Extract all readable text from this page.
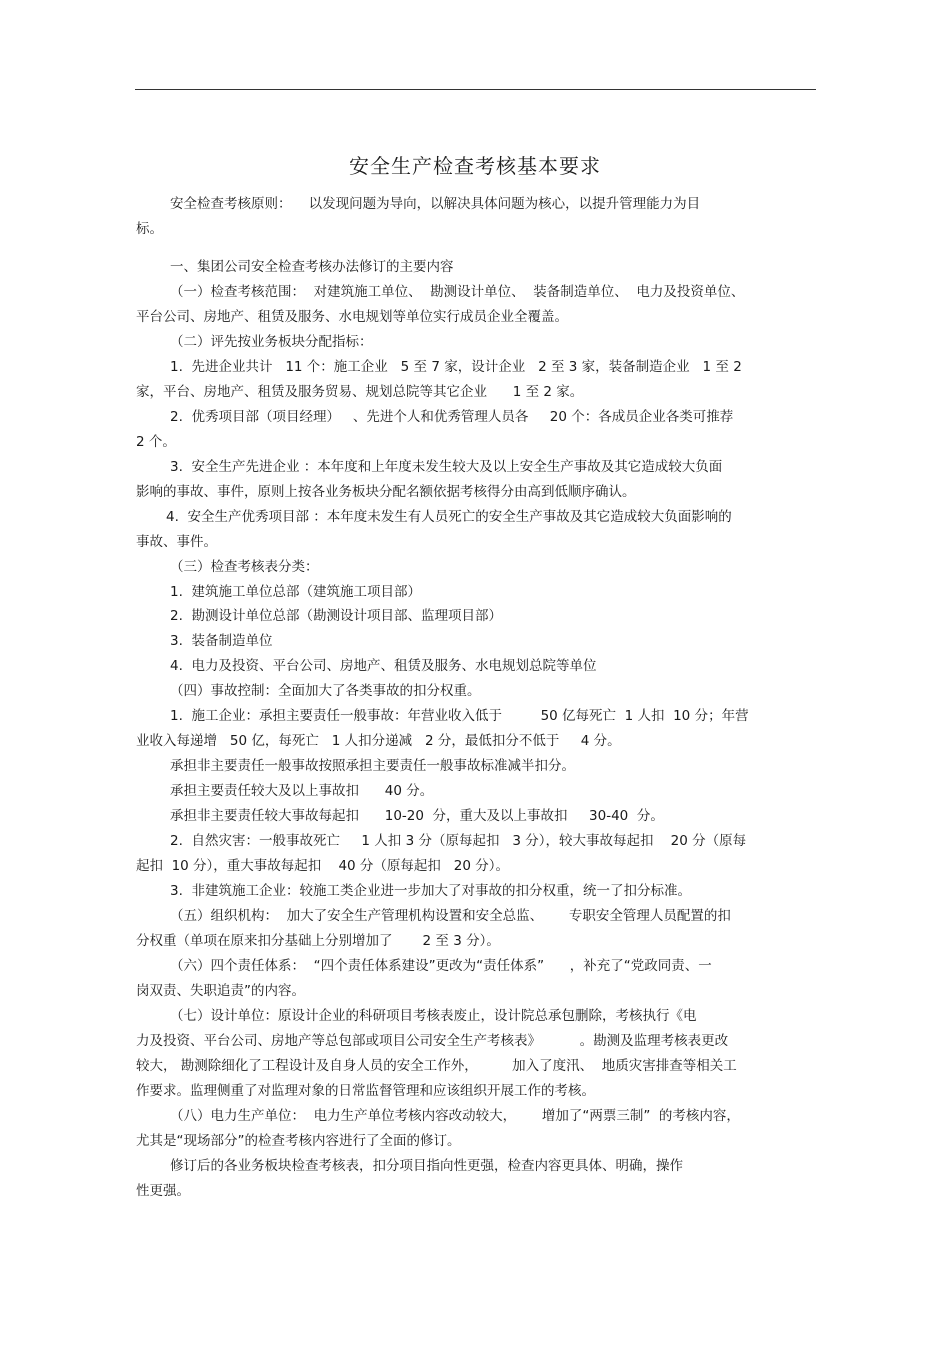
安全生产检查考核基本要求
安全检查考核原则：    以发现问题为导向，以解决具体问题为核心，以提升管理能力为目
标。
一、集团公司安全检查考核办法修订的主要内容
（一）检查考核范围：  对建筑施工单位、  勘测设计单位、  装备制造单位、  电力及投资单位、
平台公司、房地产、租赁及服务、水电规划等单位实行成员企业全覆盖。
（二）评先按业务板块分配指标：
1.  先进企业共计   11 个：施工企业   5 至 7 家，设计企业   2 至 3 家，装备制造企业   1 至 2
家，平台、房地产、租赁及服务贸易、规划总院等其它企业      1 至 2 家。
2.  优秀项目部（项目经理）   、先进个人和优秀管理人员各     20 个：各成员企业各类可推荐
2 个。
3.  安全生产先进企业 ：本年度和上年度未发生较大及以上安全生产事故及其它造成较大负面
影响的事故、事件，原则上按各业务板块分配名额依据考核得分由高到低顺序确认。
4.  安全生产优秀项目部 ：本年度未发生有人员死亡的安全生产事故及其它造成较大负面影响的
事故、事件。
（三）检查考核表分类：
1.  建筑施工单位总部（建筑施工项目部）
2.  勘测设计单位总部（勘测设计项目部、监理项目部）
3.  装备制造单位
4.  电力及投资、平台公司、房地产、租赁及服务、水电规划总院等单位
（四）事故控制：全面加大了各类事故的扣分权重。
1.  施工企业：承担主要责任一般事故：年营业收入低于         50 亿每死亡  1 人扣  10 分；年营
业收入每递增   50 亿，每死亡   1 人扣分递减   2 分，最低扣分不低于     4 分。
承担非主要责任一般事故按照承担主要责任一般事故标准减半扣分。
承担主要责任较大及以上事故扣      40 分。
承担非主要责任较大事故每起扣      10-20  分，重大及以上事故扣     30-40  分。
2.  自然灾害：一般事故死亡     1 人扣 3 分（原每起扣   3 分），较大事故每起扣    20 分（原每
起扣  10 分），重大事故每起扣    40 分（原每起扣   20 分）。
3.  非建筑施工企业：较施工类企业进一步加大了对事故的扣分权重，统一了扣分标准。
（五）组织机构：  加大了安全生产管理机构设置和安全总监、      专职安全管理人员配置的扣
分权重（单项在原来扣分基础上分别增加了       2 至 3 分）。
（六）四个责任体系：  “四个责任体系建设”更改为“责任体系”      ，补充了“党政同责、一
岗双责、失职追责”的内容。
（七）设计单位：原设计企业的科研项目考核表废止，设计院总承包删除，考核执行《电
力及投资、平台公司、房地产等总包部或项目公司安全生产考核表》         。勘测及监理考核表更改
较大， 勘测除细化了工程设计及自身人员的安全工作外，        加入了度汛、  地质灾害排查等相关工
作要求。监理侧重了对监理对象的日常监督管理和应该组织开展工作的考核。
（八）电力生产单位：  电力生产单位考核内容改动较大，      增加了“两票三制”  的考核内容，
尤其是“现场部分”的检查考核内容进行了全面的修订。
修订后的各业务板块检查考核表，扣分项目指向性更强，检查内容更具体、明确，操作
性更强。
